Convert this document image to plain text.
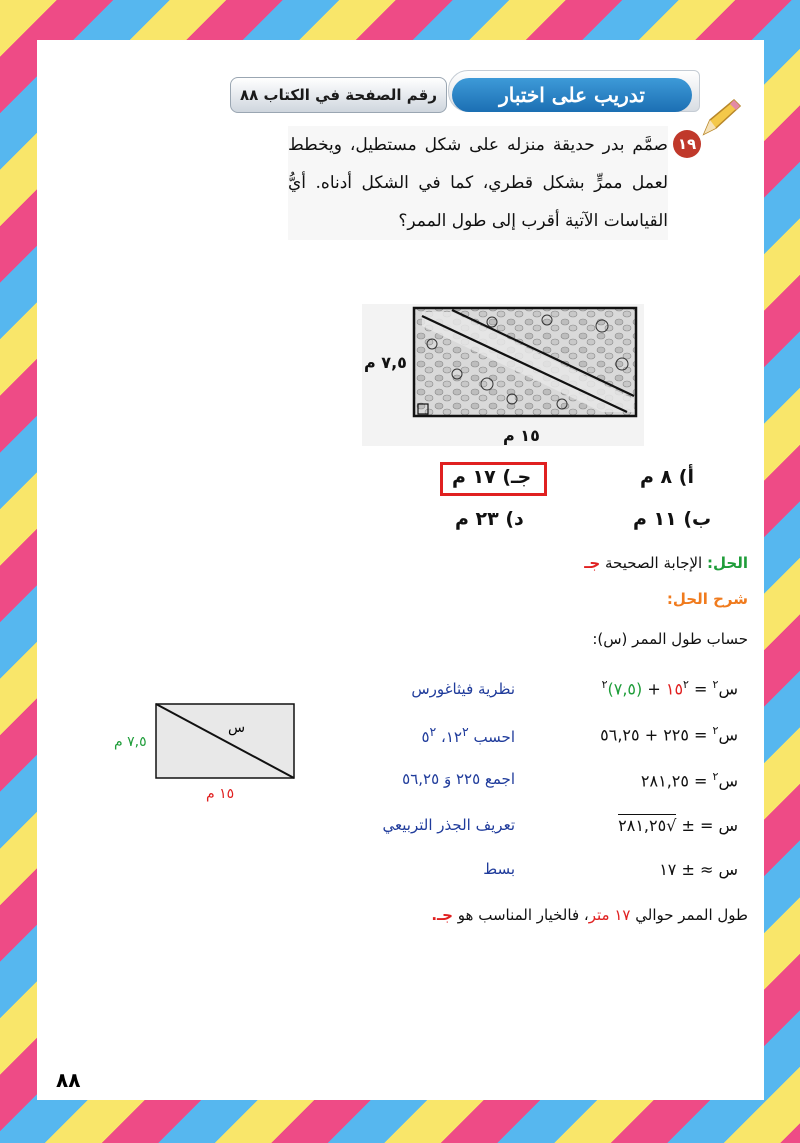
تدريب على اختبار
رقم الصفحة في الكتاب ٨٨
١٩
صمَّم بدر حديقة منزله على شكل مستطيل، ويخطط لعمل ممرٍّ بشكل قطري، كما في الشكل أدناه. أيُّ القياسات الآتية أقرب إلى طول الممر؟
٧,٥ م
١٥ م
أ) ٨ م
جـ) ١٧ م
ب) ١١ م
د) ٢٣ م
الحل: الإجابة الصحيحة جـ
شرح الحل:
حساب طول الممر (س):
س$^٢$ = $١٥^٢$ + (٧,٥)$^٢$
نظرية فيثاغورس
س$^٢$ = ٢٢٥ + ٥٦,٢٥
احسب $١٢^٢،$ $٥^٢$
س$^٢$ = ٢٨١,٢٥
اجمع ٢٢٥ وَ ٥٦,٢٥
س = ± √٢٨١,٢٥
تعريف الجذر التربيعي
س ≈ ± ١٧
بسط
طول الممر حوالي ١٧ متر، فالخيار المناسب هو جـ.
س
٧,٥ م
١٥ م
٨٨
